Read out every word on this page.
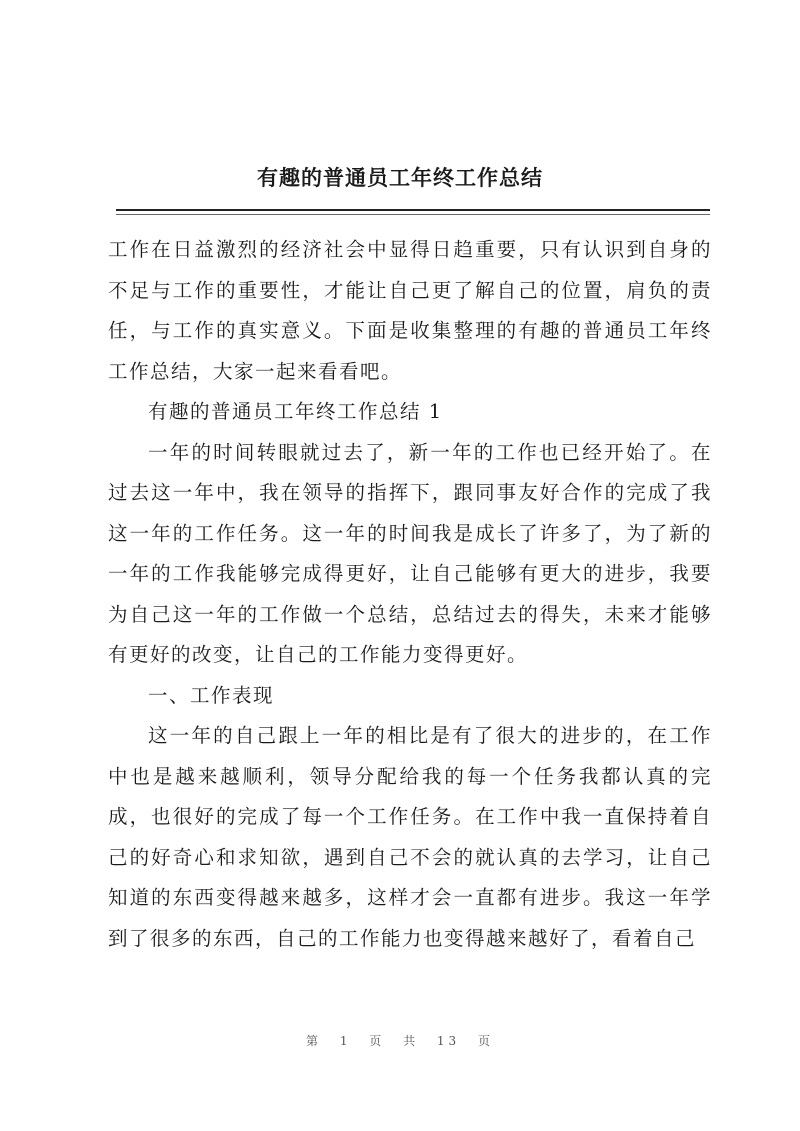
有趣的普通员工年终工作总结

工作在日益激烈的经济社会中显得日趋重要，只有认识到自身的不足与工作的重要性，才能让自己更了解自己的位置，肩负的责任，与工作的真实意义。下面是收集整理的有趣的普通员工年终工作总结，大家一起来看看吧。

有趣的普通员工年终工作总结 1

一年的时间转眼就过去了，新一年的工作也已经开始了。在过去这一年中，我在领导的指挥下，跟同事友好合作的完成了我这一年的工作任务。这一年的时间我是成长了许多了，为了新的一年的工作我能够完成得更好，让自己能够有更大的进步，我要为自己这一年的工作做一个总结，总结过去的得失，未来才能够有更好的改变，让自己的工作能力变得更好。

一、工作表现

这一年的自己跟上一年的相比是有了很大的进步的，在工作中也是越来越顺利，领导分配给我的每一个任务我都认真的完成，也很好的完成了每一个工作任务。在工作中我一直保持着自己的好奇心和求知欲，遇到自己不会的就认真的去学习，让自己知道的东西变得越来越多，这样才会一直都有进步。我这一年学到了很多的东西，自己的工作能力也变得越来越好了，看着自己

第 1 页 共 13 页
